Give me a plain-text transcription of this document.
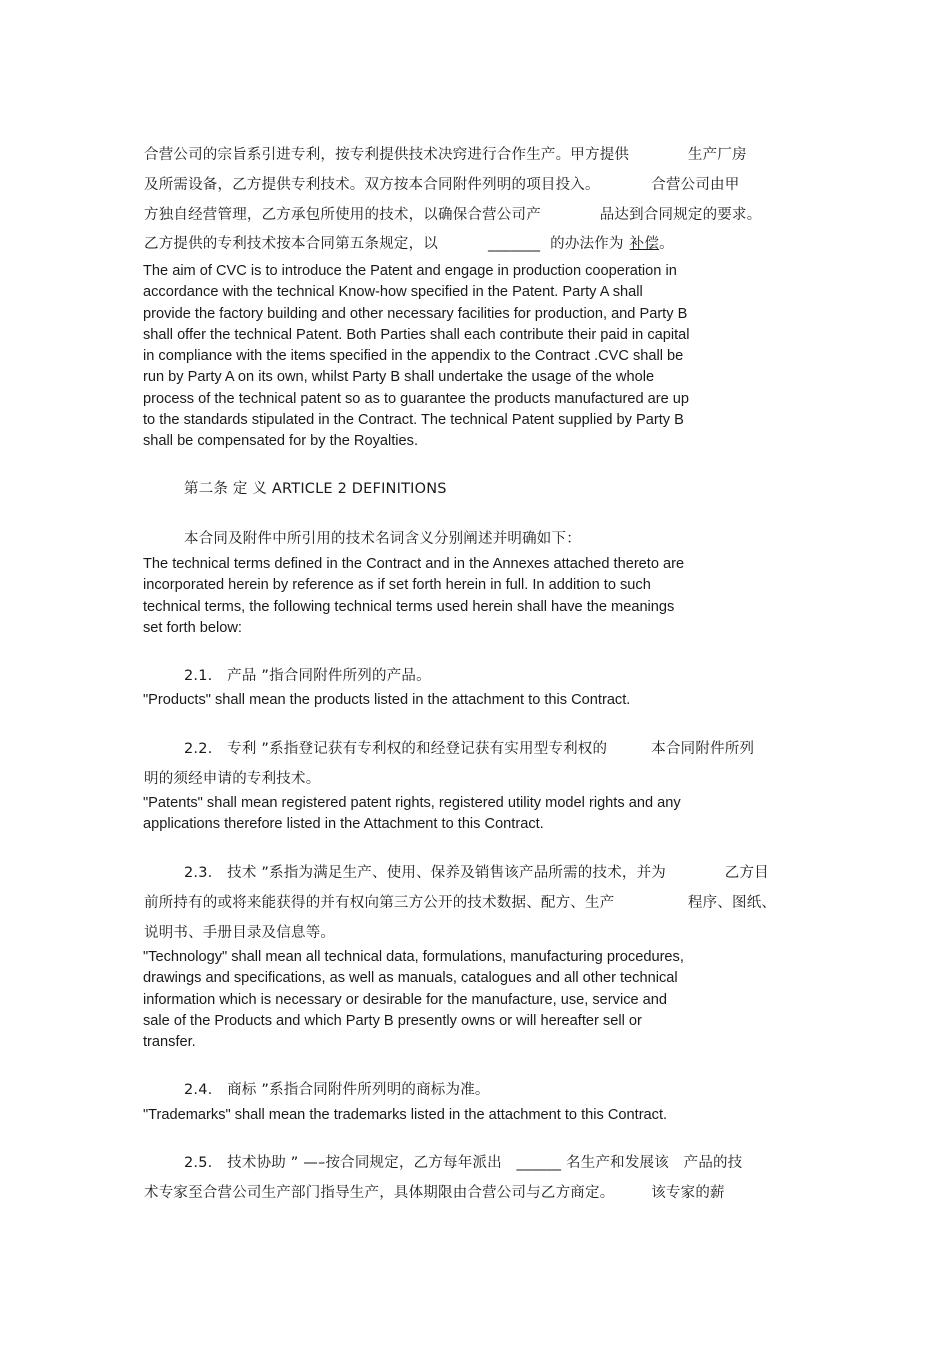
合营公司的宗旨系引进专利，按专利提供技术决窍进行合作生产。甲方提供　　　　生产厂房
及所需设备，乙方提供专利技术。双方按本合同附件列明的项目投入。　　　　合营公司由甲
方独自经营管理，乙方承包所使用的技术，以确保合营公司产　　　　品达到合同规定的要求。
乙方提供的专利技术按本合同第五条规定，以	_______ 的办法作为 补偿。
The aim of CVC is to introduce the Patent and engage in production cooperation in
accordance with the technical Know-how specified in the Patent. Party A shall
provide the factory building and other necessary facilities for production, and Party B
shall offer the technical Patent. Both Parties shall each contribute their paid in capital
in compliance with the items specified in the appendix to the Contract .CVC shall be
run by Party A on its own, whilst Party B shall undertake the usage of the whole
process of the technical patent so as to guarantee the products manufactured are up
to the standards stipulated in the Contract. The technical Patent supplied by Party B
shall be compensated for by the Royalties.
第二条 定 义 ARTICLE 2 DEFINITIONS
本合同及附件中所引用的技术名词含义分别阐述并明确如下：
The technical terms defined in the Contract and in the Annexes attached thereto are
incorporated herein by reference as if set forth herein in full. In addition to such
technical terms, the following technical terms used herein shall have the meanings
set forth below:
2.1.　产品 ”指合同附件所列的产品。
"Products" shall mean the products listed in the attachment to this Contract.
2.2.　专利 ”系指登记获有专利权的和经登记获有实用型专利权的　　　本合同附件所列
明的须经申请的专利技术。
"Patents" shall mean registered patent rights, registered utility model rights and any
applications therefore listed in the Attachment to this Contract.
2.3.　技术 ”系指为满足生产、使用、保养及销售该产品所需的技术，并为　　　　乙方目
前所持有的或将来能获得的并有权向第三方公开的技术数据、配方、生产　　　　　程序、图纸、
说明书、手册目录及信息等。
"Technology" shall mean all technical data, formulations, manufacturing procedures,
drawings and specifications, as well as manuals, catalogues and all other technical
information which is necessary or desirable for the manufacture, use, service and
sale of the Products and which Party B presently owns or will hereafter sell or
transfer.
2.4.　商标 ”系指合同附件所列明的商标为准。
"Trademarks" shall mean the trademarks listed in the attachment to this Contract.
2.5.　技术协助 ” —–按合同规定，乙方每年派出　______ 名生产和发展该　产品的技
术专家至合营公司生产部门指导生产，具体期限由合营公司与乙方商定。　　　该专家的薪
